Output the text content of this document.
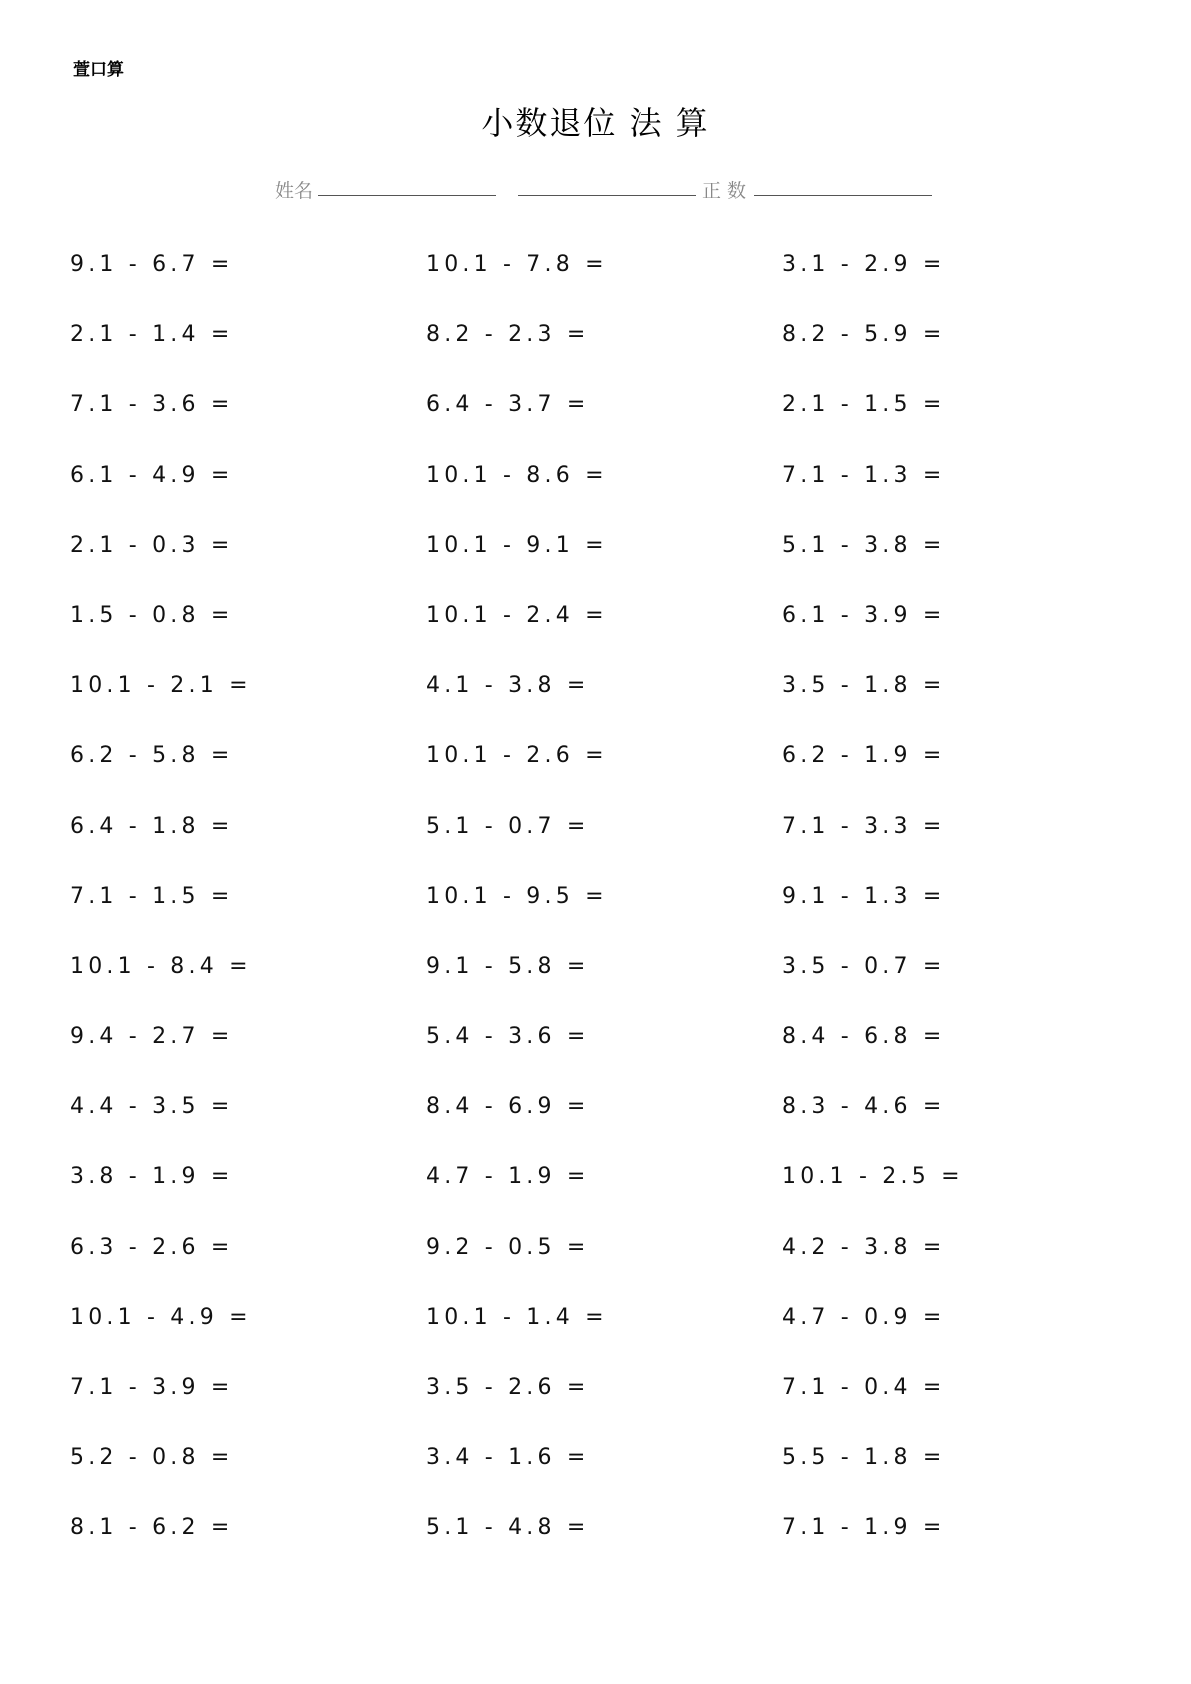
萱口算
小数退位 法 算
姓名	正 数
9.1 - 6.7 =	10.1 - 7.8 =	3.1 - 2.9 =
2.1 - 1.4 =	8.2 - 2.3 =	8.2 - 5.9 =
7.1 - 3.6 =	6.4 - 3.7 =	2.1 - 1.5 =
6.1 - 4.9 =	10.1 - 8.6 =	7.1 - 1.3 =
2.1 - 0.3 =	10.1 - 9.1 =	5.1 - 3.8 =
1.5 - 0.8 =	10.1 - 2.4 =	6.1 - 3.9 =
10.1 - 2.1 =	4.1 - 3.8 =	3.5 - 1.8 =
6.2 - 5.8 =	10.1 - 2.6 =	6.2 - 1.9 =
6.4 - 1.8 =	5.1 - 0.7 =	7.1 - 3.3 =
7.1 - 1.5 =	10.1 - 9.5 =	9.1 - 1.3 =
10.1 - 8.4 =	9.1 - 5.8 =	3.5 - 0.7 =
9.4 - 2.7 =	5.4 - 3.6 =	8.4 - 6.8 =
4.4 - 3.5 =	8.4 - 6.9 =	8.3 - 4.6 =
3.8 - 1.9 =	4.7 - 1.9 =	10.1 - 2.5 =
6.3 - 2.6 =	9.2 - 0.5 =	4.2 - 3.8 =
10.1 - 4.9 =	10.1 - 1.4 =	4.7 - 0.9 =
7.1 - 3.9 =	3.5 - 2.6 =	7.1 - 0.4 =
5.2 - 0.8 =	3.4 - 1.6 =	5.5 - 1.8 =
8.1 - 6.2 =	5.1 - 4.8 =	7.1 - 1.9 =
